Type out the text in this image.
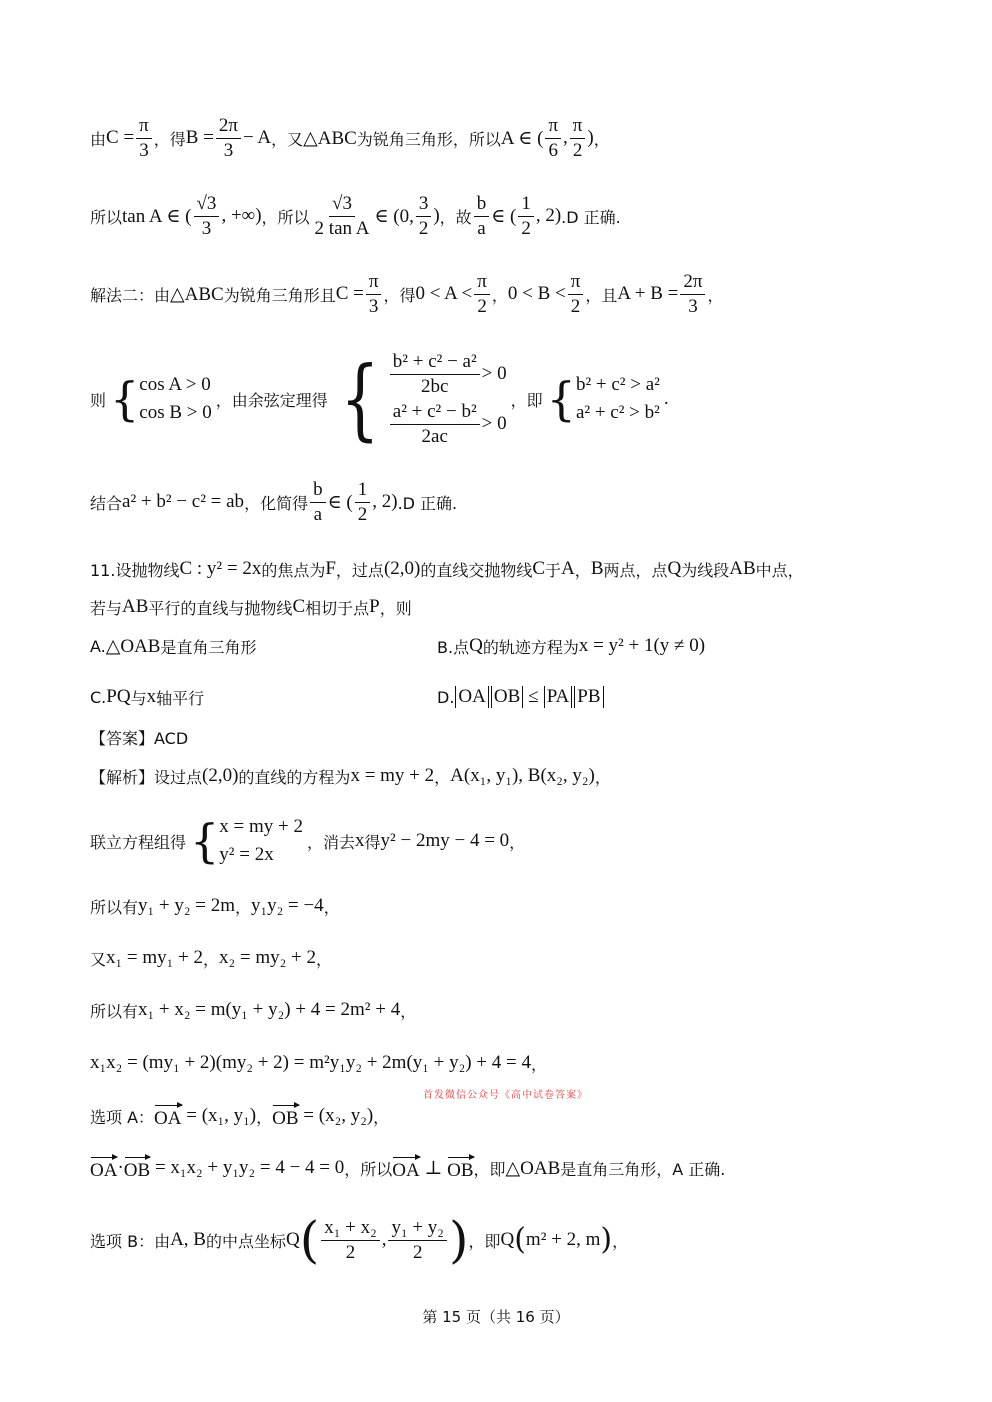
由 $C = \frac{\pi}{3}$ ，得 $B = \frac{2\pi}{3} - A$ ，又 △ABC 为锐角三角形，所以 A ∈ ( $\frac{\pi}{6}$ , $\frac{\pi}{2}$ ) ，
所以 tan A ∈ ( $\frac{√3}{3}$ , +∞) ，所以 $\frac{√3}{\text{2 tan A}}$ ∈ (0, $\frac{3}{2}$ ) ，故 $\frac{b}{a}$ ∈ ( $\frac{1}{2}$ , 2) .D 正确.
解法二：由 △ABC 为锐角三角形且 $C = \frac{\pi}{3}$ ，得 $0 < A < \frac{\pi}{2}$ ， $0 < B < \frac{\pi}{2}$ ，且 $A + B = \frac{2\pi}{3}$ ，
则 { cos A > 0
cos B > 0
，由余弦定理得 { $\frac{\text{b² + c² − a²}}{2bc} > 0$
$\frac{\text{a² + c² − b²}}{2ac} > 0$
，即 { b² + c² > a²
a² + c² > b²
.
结合 a² + b² − c² = ab ，化简得 $\frac{b}{a}$ ∈ ( $\frac{1}{2}$ , 2) .D 正确.
11.设抛物线 C : y² = 2x 的焦点为 F ，过点 (2,0) 的直线交抛物线 C 于 A ， B 两点，点 Q 为线段 AB 中点，
若与 AB 平行的直线与抛物线 C 相切于点 P ，则
A. △OAB 是直角三角形	B.点 Q 的轨迹方程为 x = y² + 1(y ≠ 0)
C. PQ 与 x 轴平行	D. OA OB ≤ PA PB
【答案】ACD
【解析】设过点 (2,0) 的直线的方程为 x = my + 2 ， A(x₁, y₁), B(x₂, y₂) ，
联立方程组得 { x = my + 2
y² = 2x
，消去 x 得 y² − 2my − 4 = 0 ，
所以有 y₁ + y₂ = 2m ， y₁y₂ = −4 ，
又 x₁ = my₁ + 2 ， x₂ = my₂ + 2 ，
所以有 x₁ + x₂ = m(y₁ + y₂) + 4 = 2m² + 4 ，
x₁x₂ = (my₁ + 2)(my₂ + 2) = m²y₁y₂ + 2m(y₁ + y₂) + 4 = 4 ，
首发微信公众号《高中试卷答案》
选项 A： OA
= (x₁, y₁) ， OB
= (x₂, y₂) ，
OA · OB
= x₁x₂ + y₁y₂ = 4 − 4 = 0 ，所以 OA
⊥
OB ，即 △OAB 是直角三角形，A 正确.
选项 B：由 A, B 的中点坐标 Q ( $\frac{\text{x₁ + x₂}}{2}$ , $\frac{\text{y₁ + y₂}}{2}$ ) ，即 Q ( m² + 2, m ) ，
第 15 页（共 16 页）
